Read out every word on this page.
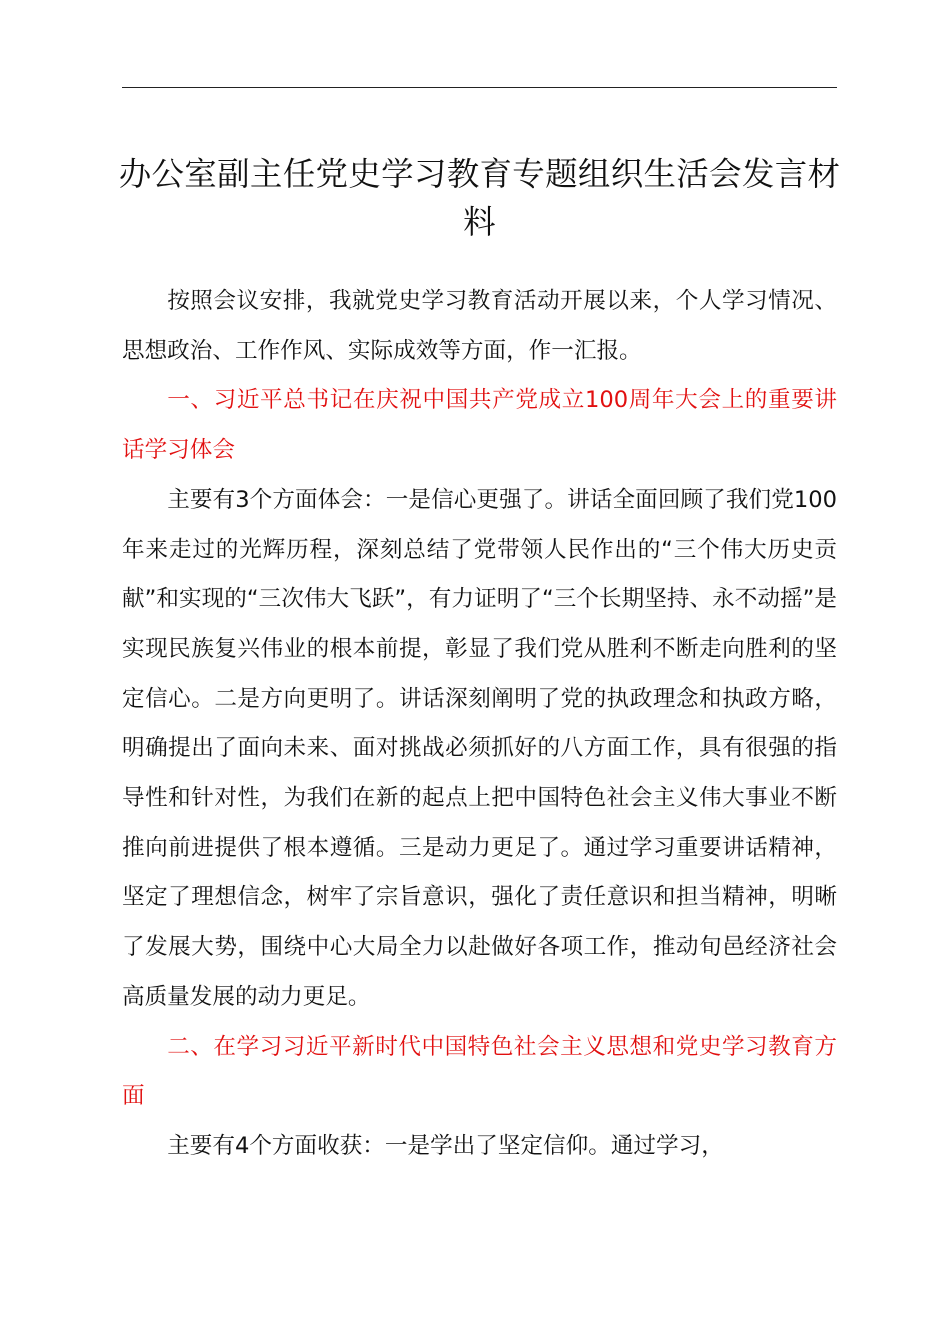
办公室副主任党史学习教育专题组织生活会发言材料

按照会议安排，我就党史学习教育活动开展以来，个人学习情况、思想政治、工作作风、实际成效等方面，作一汇报。

一、习近平总书记在庆祝中国共产党成立100周年大会上的重要讲话学习体会

主要有3个方面体会：一是信心更强了。讲话全面回顾了我们党100年来走过的光辉历程，深刻总结了党带领人民作出的“三个伟大历史贡献”和实现的“三次伟大飞跃”，有力证明了“三个长期坚持、永不动摇”是实现民族复兴伟业的根本前提，彰显了我们党从胜利不断走向胜利的坚定信心。二是方向更明了。讲话深刻阐明了党的执政理念和执政方略，明确提出了面向未来、面对挑战必须抓好的八方面工作，具有很强的指导性和针对性，为我们在新的起点上把中国特色社会主义伟大事业不断推向前进提供了根本遵循。三是动力更足了。通过学习重要讲话精神，坚定了理想信念，树牢了宗旨意识，强化了责任意识和担当精神，明晰了发展大势，围绕中心大局全力以赴做好各项工作，推动旬邑经济社会高质量发展的动力更足。

二、在学习习近平新时代中国特色社会主义思想和党史学习教育方面

主要有4个方面收获：一是学出了坚定信仰。通过学习，
